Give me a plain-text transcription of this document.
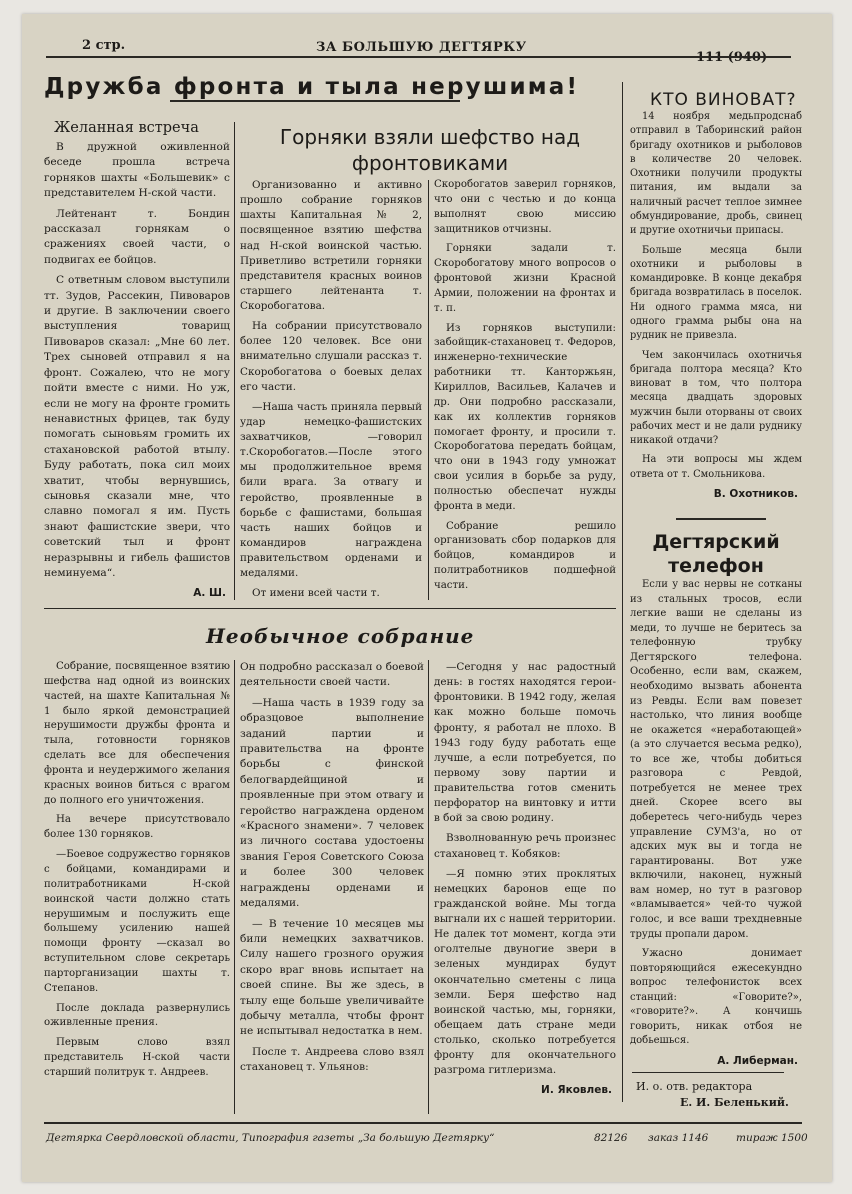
2 стр.	ЗА БОЛЬШУЮ ДЕГТЯРКУ
Дружба фронта и тыла нерушима!
Желанная встреча

В дружной оживленной беседе прошла встреча горняков шахты «Большевик» с представителем Н-ской части.

Лейтенант т. Бондин рассказал горнякам о сражениях своей части, о подвигах ее бойцов.

С ответным словом выступили тт. Зудов, Рассекин, Пивоваров и другие. В заключении своего выступления товарищ Пивоваров сказал: „Мне 60 лет. Трех сыновей отправил я на фронт. Сожалею, что не могу пойти вместе с ними. Но уж, если не могу на фронте громить ненавистных фрицев, так буду помогать сыновьям громить их стахановской работой втылу. Буду работать, пока сил моих хватит, чтобы вернувшись, сыновья сказали мне, что славно помогал я им. Пусть знают фашистские звери, что советский тыл и фронт неразрывны и гибель фашистов неминуема“.

А. Ш.
Горняки взяли шефство над фронтовиками

Организованно и активно прошло собрание горняков шахты Капитальная № 2, посвященное взятию шефства над Н-ской воинской частью. Приветливо встретили горняки представителя красных воинов старшего лейтенанта т. Скоробогатова.

На собрании присутствовало более 120 человек. Все они внимательно слушали рассказ т. Скоробогатова о боевых делах его части.

—Наша часть приняла первый удар немецко-фашистских захватчиков, —говорил т.Скоробогатов.—После этого мы продолжительное время били врага. За отвагу и геройство, проявленные в борьбе с фашистами, большая часть наших бойцов и командиров награждена правительством орденами и медалями.

От имени всей части т.

Скоробогатов заверил горняков, что они с честью и до конца выполнят свою миссию защитников отчизны.

Горняки задали т. Скоробогатову много вопросов о фронтовой жизни Красной Армии, положении на фронтах и т. п.

Из горняков выступили: забойщик-стахановец т. Федоров, инженерно-технические работники тт. Канторжьян, Кириллов, Васильев, Калачев и др. Они подробно рассказали, как их коллектив горняков помогает фронту, и просили т. Скоробогатова передать бойцам, что они в 1943 году умножат свои усилия в борьбе за руду, полностью обеспечат нужды фронта в меди.

Собрание решило организовать сбор подарков для бойцов, командиров и политработников подшефной части.

Необычное собрание

Собрание, посвященное взятию шефства над одной из воинских частей, на шахте Капитальная № 1 было яркой демонстрацией нерушимости дружбы фронта и тыла, готовности горняков сделать все для обеспечения фронта и неудержимого желания красных воинов биться с врагом до полного его уничтожения.

На вечере присутствовало более 130 горняков.

—Боевое содружество горняков с бойцами, командирами и политработниками Н-ской воинской части должно стать нерушимым и послужить еще большему усилению нашей помощи фронту —сказал во вступительном слове секретарь парторганизации шахты т. Степанов.

После доклада развернулись оживленные прения.

Первым слово взял представитель Н-ской части старший политрук т. Андреев.

Он подробно рассказал о боевой деятельности своей части.

—Наша часть в 1939 году за образцовое выполнение заданий партии и правительства на фронте борьбы с финской белогвардейщиной и проявленные при этом отвагу и геройство награждена орденом «Красного знамени». 7 человек из личного состава удостоены звания Героя Советского Союза и более 300 человек награждены орденами и медалями.

— В течение 10 месяцев мы били немецких захватчиков. Силу нашего грозного оружия скоро враг вновь испытает на своей спине. Вы же здесь, в тылу еще больше увеличивайте добычу металла, чтобы фронт не испытывал недостатка в нем.

После т. Андреева слово взял стахановец т. Ульянов:

—Сегодня у нас радостный день: в гостях находятся герои-фронтовики. В 1942 году, желая как можно больше помочь фронту, я работал не плохо. В 1943 году буду работать еще лучше, а если потребуется, по первому зову партии и правительства готов сменить перфоратор на винтовку и итти в бой за свою родину.

Взволнованную речь произнес стахановец т. Кобяков:

—Я помню этих проклятых немецких баронов еще по гражданской войне. Мы тогда выгнали их с нашей территории. Не далек тот момент, когда эти оголтелые двуногие звери в зеленых мундирах будут окончательно сметены с лица земли. Беря шефство над воинской частью, мы, горняки, обещаем дать стране меди столько, сколько потребуется фронту для окончательного разгрома гитлеризма.

И. Яковлев.
КТО ВИНОВАТ?

14 ноября медьпродснаб отправил в Таборинский район бригаду охотников и рыболовов в количестве 20 человек. Охотники получили продукты питания, им выдали за наличный расчет теплое зимнее обмундирование, дробь, свинец и другие охотничьи припасы.

Больше месяца были охотники и рыболовы в командировке. В конце декабря бригада возвратилась в поселок. Ни одного грамма мяса, ни одного грамма рыбы она на рудник не привезла.

Чем закончилась охотничья бригада полтора месяца? Кто виноват в том, что полтора месяца двадцать здоровых мужчин были оторваны от своих рабочих мест и не дали руднику никакой отдачи?

На эти вопросы мы ждем ответа от т. Смольникова.

В. Охотников.
Дегтярский телефон

Если у вас нервы не сотканы из стальных тросов, если легкие ваши не сделаны из меди, то лучше не беритесь за телефонную трубку Дегтярского телефона. Особенно, если вам, скажем, необходимо вызвать абонента из Ревды. Если вам повезет настолько, что линия вообще не окажется «неработающей» (а это случается весьма редко), то все же, чтобы добиться разговора с Ревдой, потребуется не менее трех дней. Скорее всего вы доберетесь чего-нибудь через управление СУМЗ'а, но от адских мук вы и тогда не гарантированы. Вот уже включили, наконец, нужный вам номер, но тут в разговор «вламывается» чей-то чужой голос, и все ваши трехдневные труды пропали даром.

Ужасно донимает повторяющийся ежесекундно вопрос телефонисток всех станций: «Говорите?», «говорите?». А кончишь говорить, никак отбоя не добьешься.

А. Либерман.
И. о. отв. редактора
Е. И. Беленький.
Дегтярка Свердловской области, Типография газеты „За большую Дегтярку“	82126 заказ 1146	тираж 1500
